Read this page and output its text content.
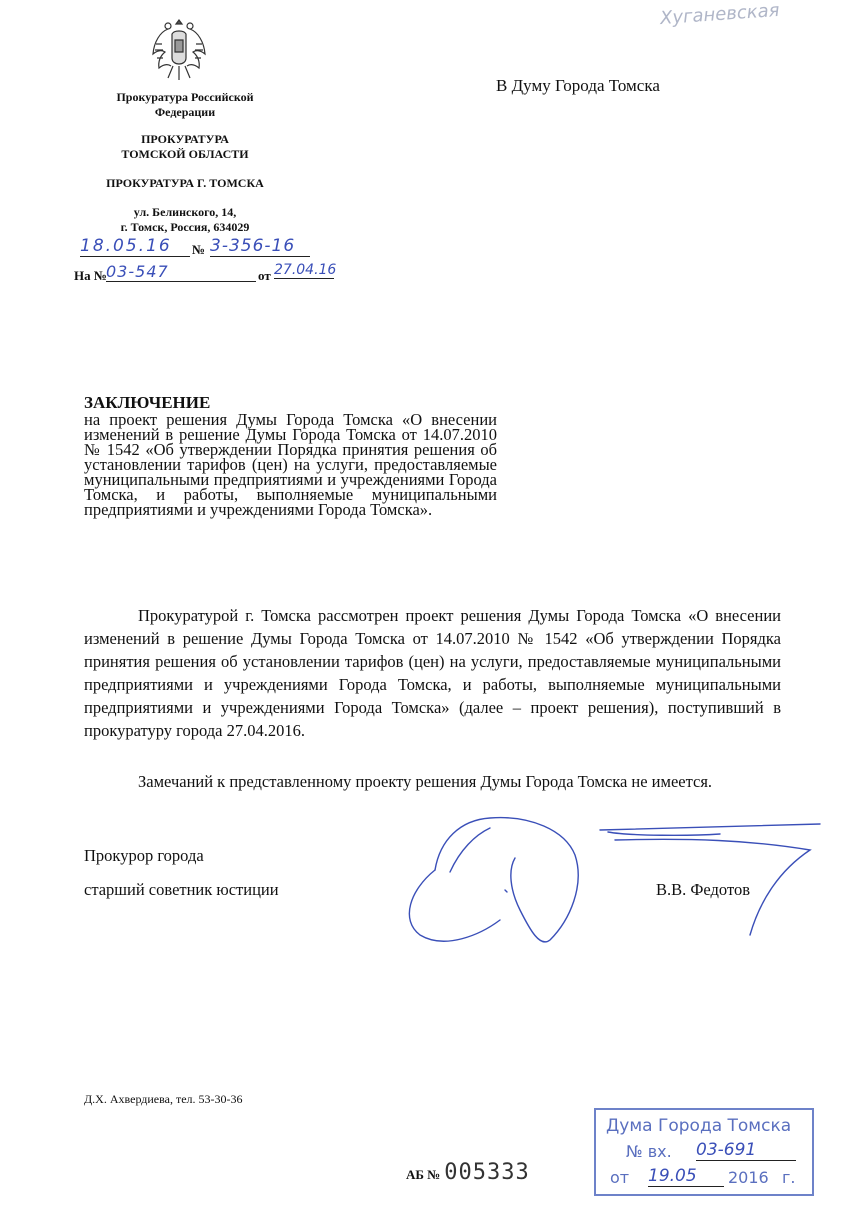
Прокуратура Российской
Федерации
ПРОКУРАТУРА
ТОМСКОЙ ОБЛАСТИ
ПРОКУРАТУРА Г. ТОМСКА
ул. Белинского, 14,
г. Томск, Россия, 634029
18.05.16	№ 3-356-16
На № 03-547	от 27.04.16
Хуганевская
В Думу Города Томска
ЗАКЛЮЧЕНИЕ
на проект решения Думы Города Томска «О внесении изменений в решение Думы Города Томска от 14.07.2010 № 1542 «Об утверждении Порядка принятия решения об установлении тарифов (цен) на услуги, предоставляемые муниципальными предприятиями и учреждениями Города Томска, и работы, выполняемые муниципальными предприятиями и учреждениями Города Томска».
Прокуратурой г. Томска рассмотрен проект решения Думы Города Томска «О внесении изменений в решение Думы Города Томска от 14.07.2010 № 1542 «Об утверждении Порядка принятия решения об установлении тарифов (цен) на услуги, предоставляемые муниципальными предприятиями и учреждениями Города Томска, и работы, выполняемые муниципальными предприятиями и учреждениями Города Томска» (далее – проект решения), поступивший в прокуратуру города 27.04.2016.
Замечаний к представленному проекту решения Думы Города Томска не имеется.
Прокурор города
старший советник юстиции	В.В. Федотов
Д.Х. Ахвердиева, тел. 53-30-36
АБ № 005333
Дума Города Томска
№ вх. 03-691
от 19.05	2016 г.
